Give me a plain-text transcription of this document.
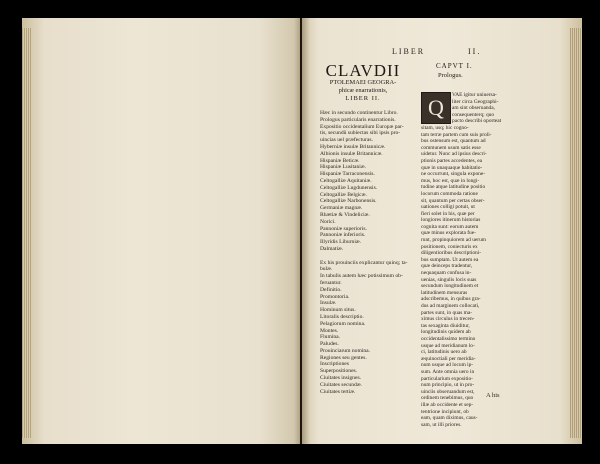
LIBER	II.
CLAVDII
PTOLEMAEI GEOGRA-
phicæ enarrationis,
LIBER II.
CAPVT I.
Prologus.
Hæc in secundo continentur Libro.
Prologus particularis enarrationis.
Expositio occidentalium Europæ par-
tis, secundū subiectas sibi ipsis pro-
uincias uel præfecturas.
Hyberniæ insulæ Britannicæ.
Albionis insulæ Britannicæ.
Hispaniæ Beticæ.
Hispaniæ Lusitaniæ.
Hispaniæ Tarraconensis.
Celtogalliæ Aquitaniæ.
Celtogalliæ Lugdunensis.
Celtogalliæ Belgicæ.
Celtogalliæ Narbonensis.
Germaniæ magnæ.
Rhætiæ & Vindeliciæ.
Norici.
Pannoniæ superioris.
Pannoniæ inferioris.
Illyridis Liburniæ.
Dalmatiæ.

Ex his prouinciis explicantur quinq; ta-
bulæ.
In tabulis autem hæc potissimum ob-
feruantur.
Definitio.
Promontoria.
Insulæ.
Hominum situs.
Litoralis descriptio.
Pelagiorum nomina.
Montes.
Flumina.
Paludes.
Prouinciarum nomina.
Regiones seu gentes.
Inscriptiones
Superpositiones.
Ciuitates insignes.
Ciuitates secundæ.
Ciuitates tertiæ.
VAE igitur uniuersa-
liter circa Geographi-
am sint obseruanda,
consequenterq; quo
pacto describi oporteat
sitam, usq; hic cogno-
tam terræ partem cum suis proli-
bus ostensum est, quantum ad
communem usum satis esse
uidetur. Nunc ad ipsius descri-
ptionis partes accedentes, ea
quæ in unaquaque habitatio-
ne occurrunt, singula expone-
mus, hoc est, quæ in longi-
tudine atque latitudine positio
locorum commoda ratione
sit, quantum per certas obser-
uationes colligi potuit, ut
fieri solet in his, quæ per
longiores itinerum historias
cognita sunt: eorum autem
quæ minus explorata fue-
runt, propinquiorem ad uerum
positionem, coniecturis ex
diligentioribus descriptioni-
bus sumptam. Ut autem ea
quæ deinceps tradentur,
nequaquam confusa in-
uenias, singulis locis suas
secundum longitudinem et
latitudinem mensuras
adscribemus, in quibus gra-
dus ad marginem collocati,
partes sunt, in quas ma-
ximus circulus in trecen-
tas sexaginta diuiditur,
longitudinis quidem ab
occidentalissimo termino
usque ad meridianum lo-
ci, latitudinis uero ab
æquinoctiali per meridia-
num usque ad locum ip-
sum. Ante omnia uero in
particularium expositio-
num principio, ut in pro-
uinciis obseruandum est,
ordinem tenebimus, quo
illæ ab occidente et sep-
tentrione incipiunt, ob
eam, quam diximus, caus-
sam, ut illi priores.
Q
A his
